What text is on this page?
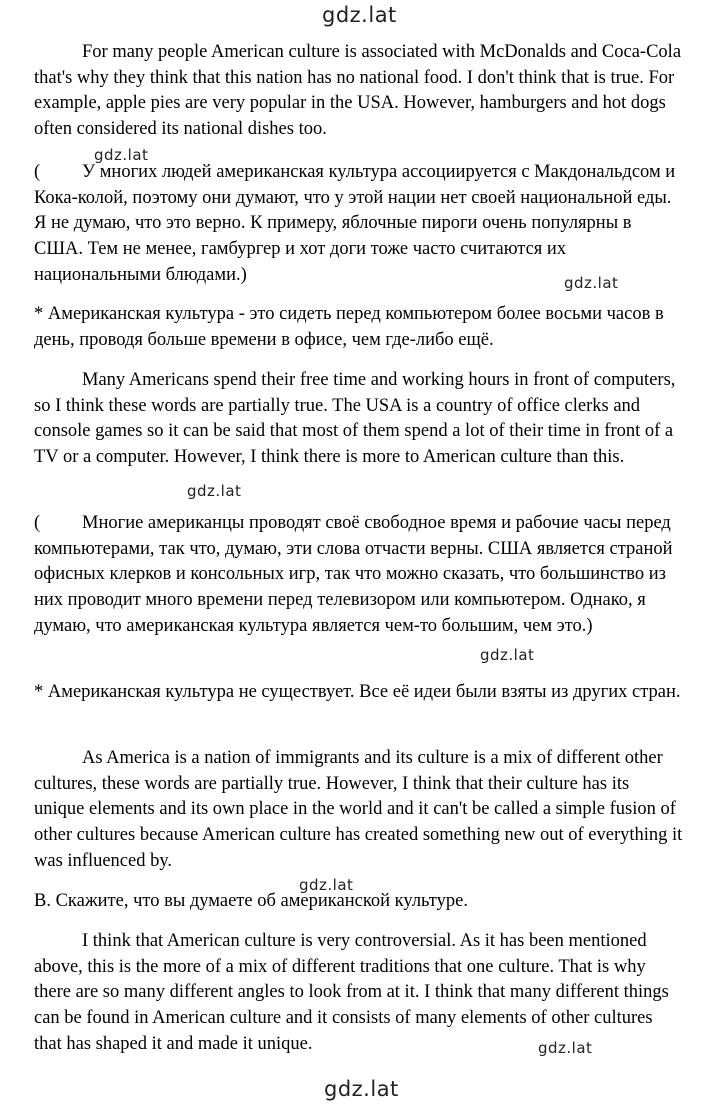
gdz.lat
gdz.lat
gdz.lat
gdz.lat
gdz.lat
gdz.lat
gdz.lat
gdz.lat

For many people American culture is associated with McDonalds and Coca-Cola that's why they think that this nation has no national food. I don't think that is true. For example, apple pies are very popular in the USA. However, hamburgers and hot dogs often considered its national dishes too.

( У многих людей американская культура ассоциируется с Макдональдсом и Кока-колой, поэтому они думают, что у этой нации нет своей национальной еды. Я не думаю, что это верно. К примеру, яблочные пироги очень популярны в США. Тем не менее, гамбургер и хот доги тоже часто считаются их национальными блюдами.)

* Американская культура - это сидеть перед компьютером более восьми часов в день, проводя больше времени в офисе, чем где-либо ещё.

Many Americans spend their free time and working hours in front of computers, so I think these words are partially true. The USA is a country of office clerks and console games so it can be said that most of them spend a lot of their time in front of a TV or a computer. However, I think there is more to American culture than this.

( Многие американцы проводят своё свободное время и рабочие часы перед компьютерами, так что, думаю, эти слова отчасти верны. США является страной офисных клерков и консольных игр, так что можно сказать, что большинство из них проводит много времени перед телевизором или компьютером. Однако, я думаю, что американская культура является чем-то большим, чем это.)

* Американская культура не существует. Все её идеи были взяты из других стран.

As America is a nation of immigrants and its culture is a mix of different other cultures, these words are partially true. However, I think that their culture has its unique elements and its own place in the world and it can't be called a simple fusion of other cultures because American culture has created something new out of everything it was influenced by.

B. Скажите, что вы думаете об американской культуре.

I think that American culture is very controversial. As it has been mentioned above, this is the more of a mix of different traditions that one culture. That is why there are so many different angles to look from at it. I think that many different things can be found in American culture and it consists of many elements of other cultures that has shaped it and made it unique.
